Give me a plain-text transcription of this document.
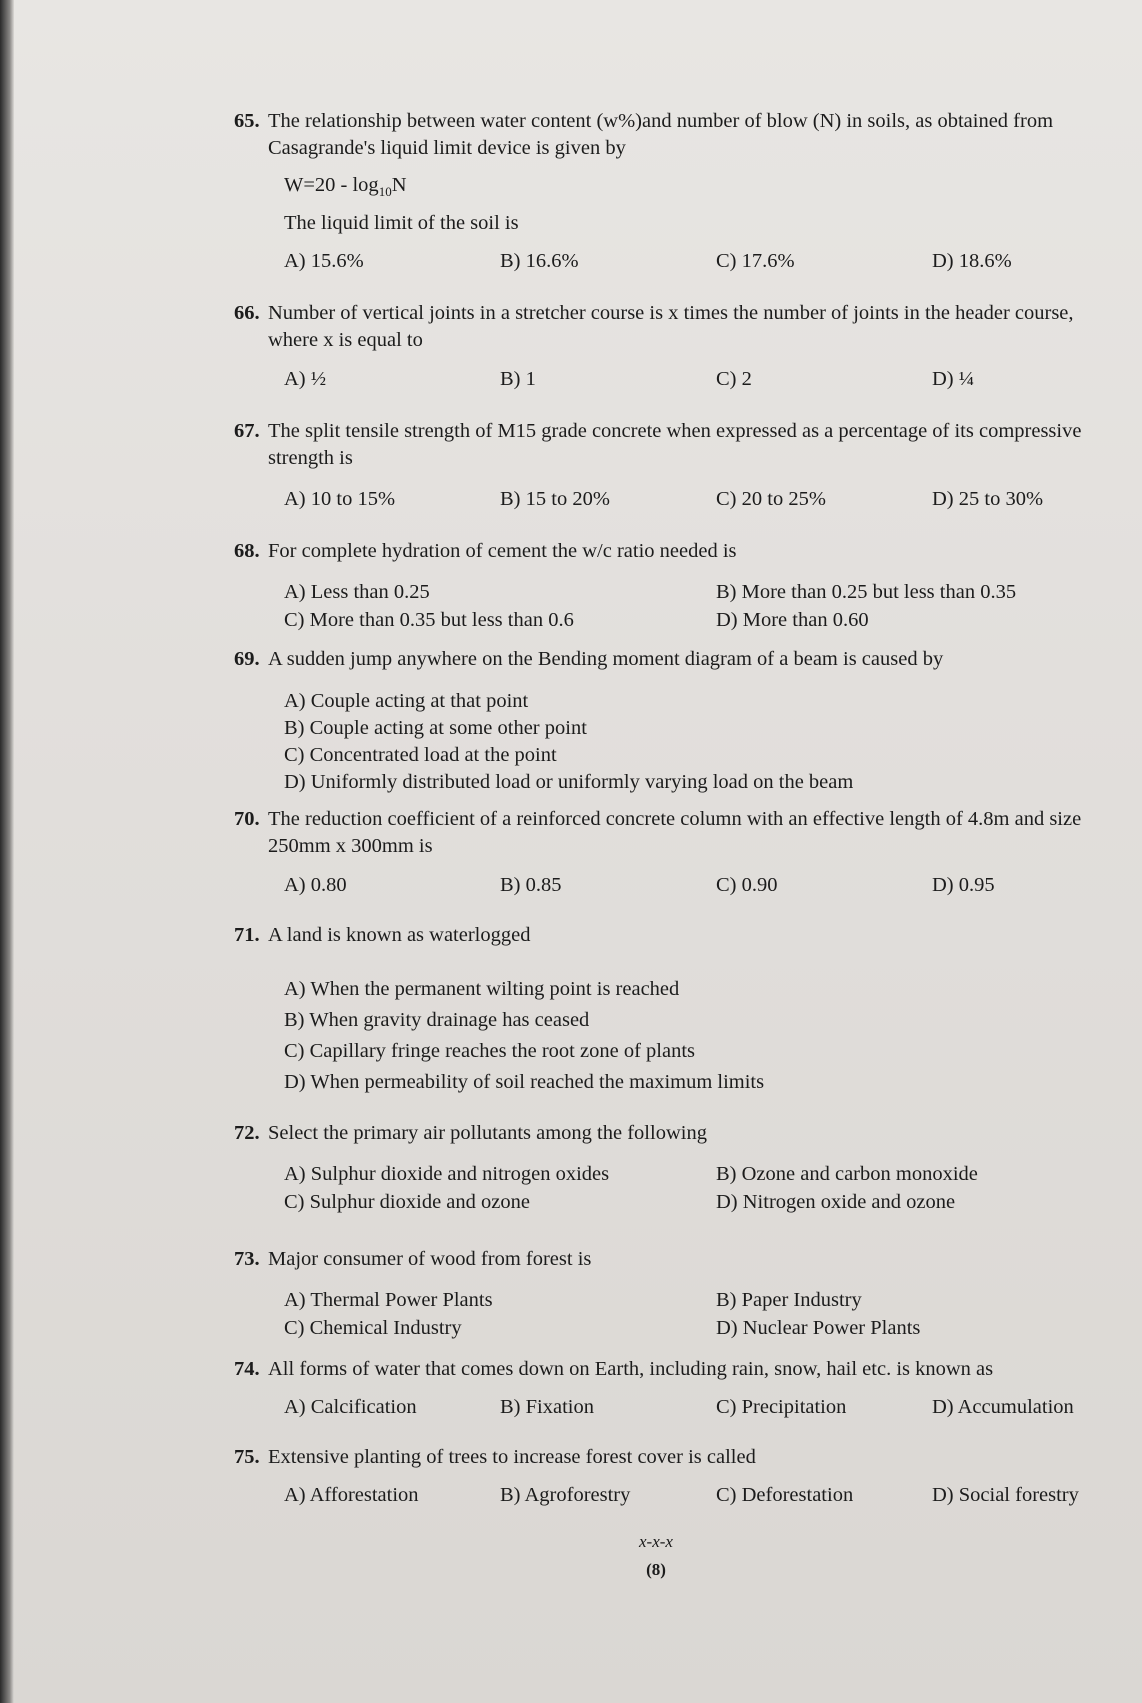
65. The relationship between water content (w%)and number of blow (N) in soils, as obtained from Casagrande's liquid limit device is given by
$W=20 - \log_{10}N$
The liquid limit of the soil is
A) 15.6%	B) 16.6%	C) 17.6%	D) 18.6%
66. Number of vertical joints in a stretcher course is x times the number of joints in the header course, where x is equal to
A) ½	B) 1	C) 2	D) ¼
67. The split tensile strength of M15 grade concrete when expressed as a percentage of its compressive strength is
A) 10 to 15%	B) 15 to 20%	C) 20 to 25%	D) 25 to 30%
68. For complete hydration of cement the w/c ratio needed is
A) Less than 0.25	B) More than 0.25 but less than 0.35
C) More than 0.35 but less than 0.6	D) More than 0.60
69. A sudden jump anywhere on the Bending moment diagram of a beam is caused by
A) Couple acting at that point
B) Couple acting at some other point
C) Concentrated load at the point
D) Uniformly distributed load or uniformly varying load on the beam
70. The reduction coefficient of a reinforced concrete column with an effective length of 4.8m and size 250mm x 300mm is
A) 0.80	B) 0.85	C) 0.90	D) 0.95
71. A land is known as waterlogged
A) When the permanent wilting point is reached
B) When gravity drainage has ceased
C) Capillary fringe reaches the root zone of plants
D) When permeability of soil reached the maximum limits
72. Select the primary air pollutants among the following
A) Sulphur dioxide and nitrogen oxides	B) Ozone and carbon monoxide
C) Sulphur dioxide and ozone	D) Nitrogen oxide and ozone
73. Major consumer of wood from forest is
A) Thermal Power Plants	B) Paper Industry
C) Chemical Industry	D) Nuclear Power Plants
74. All forms of water that comes down on Earth, including rain, snow, hail etc. is known as
A) Calcification	B) Fixation	C) Precipitation	D) Accumulation
75. Extensive planting of trees to increase forest cover is called
A) Afforestation	B) Agroforestry	C) Deforestation	D) Social forestry
x-x-x
(8)
